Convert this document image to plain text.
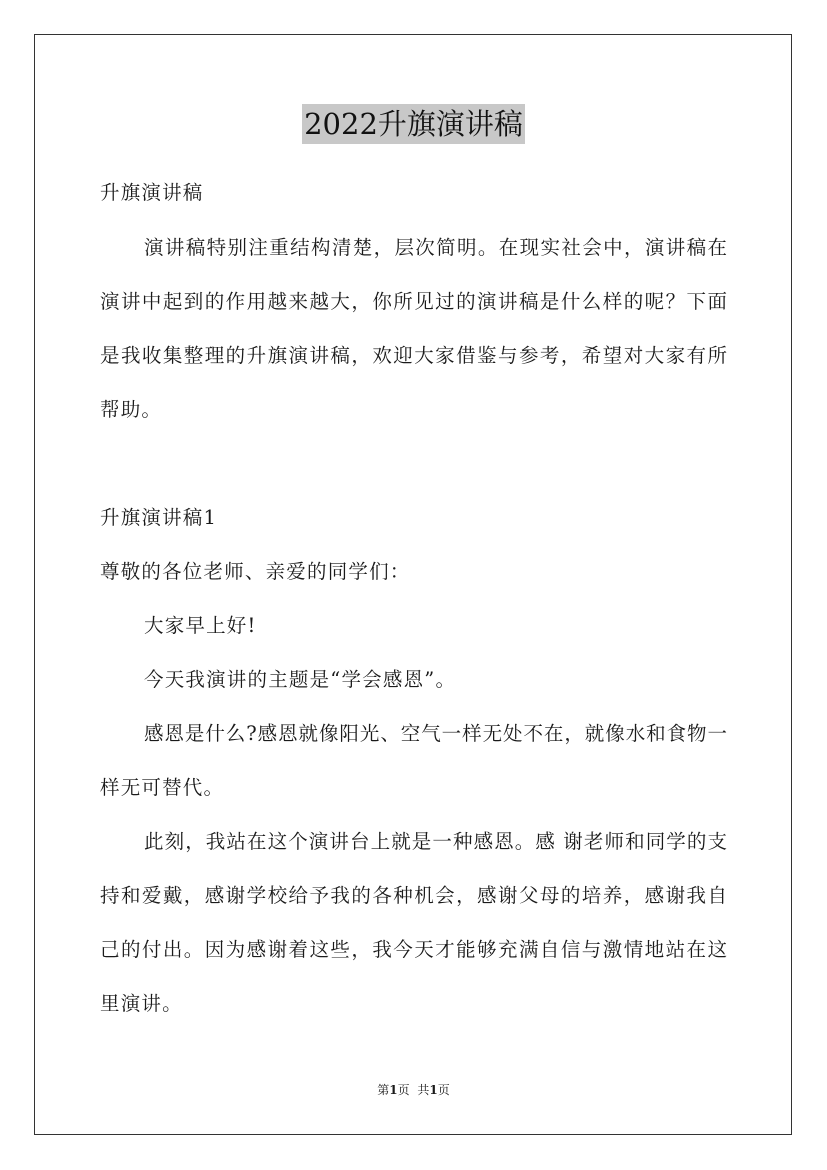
2022升旗演讲稿
升旗演讲稿
演讲稿特别注重结构清楚，层次简明。在现实社会中，演讲稿在
演讲中起到的作用越来越大，你所见过的演讲稿是什么样的呢？下面
是我收集整理的升旗演讲稿，欢迎大家借鉴与参考，希望对大家有所
帮助。
升旗演讲稿1
尊敬的各位老师、亲爱的同学们：
大家早上好!
今天我演讲的主题是“学会感恩”。
感恩是什么?感恩就像阳光、空气一样无处不在，就像水和食物一
样无可替代。
此刻，我站在这个演讲台上就是一种感恩。感 谢老师和同学的支
持和爱戴，感谢学校给予我的各种机会，感谢父母的培养，感谢我自
己的付出。因为感谢着这些，我今天才能够充满自信与激情地站在这
里演讲。
第1页 共1页
